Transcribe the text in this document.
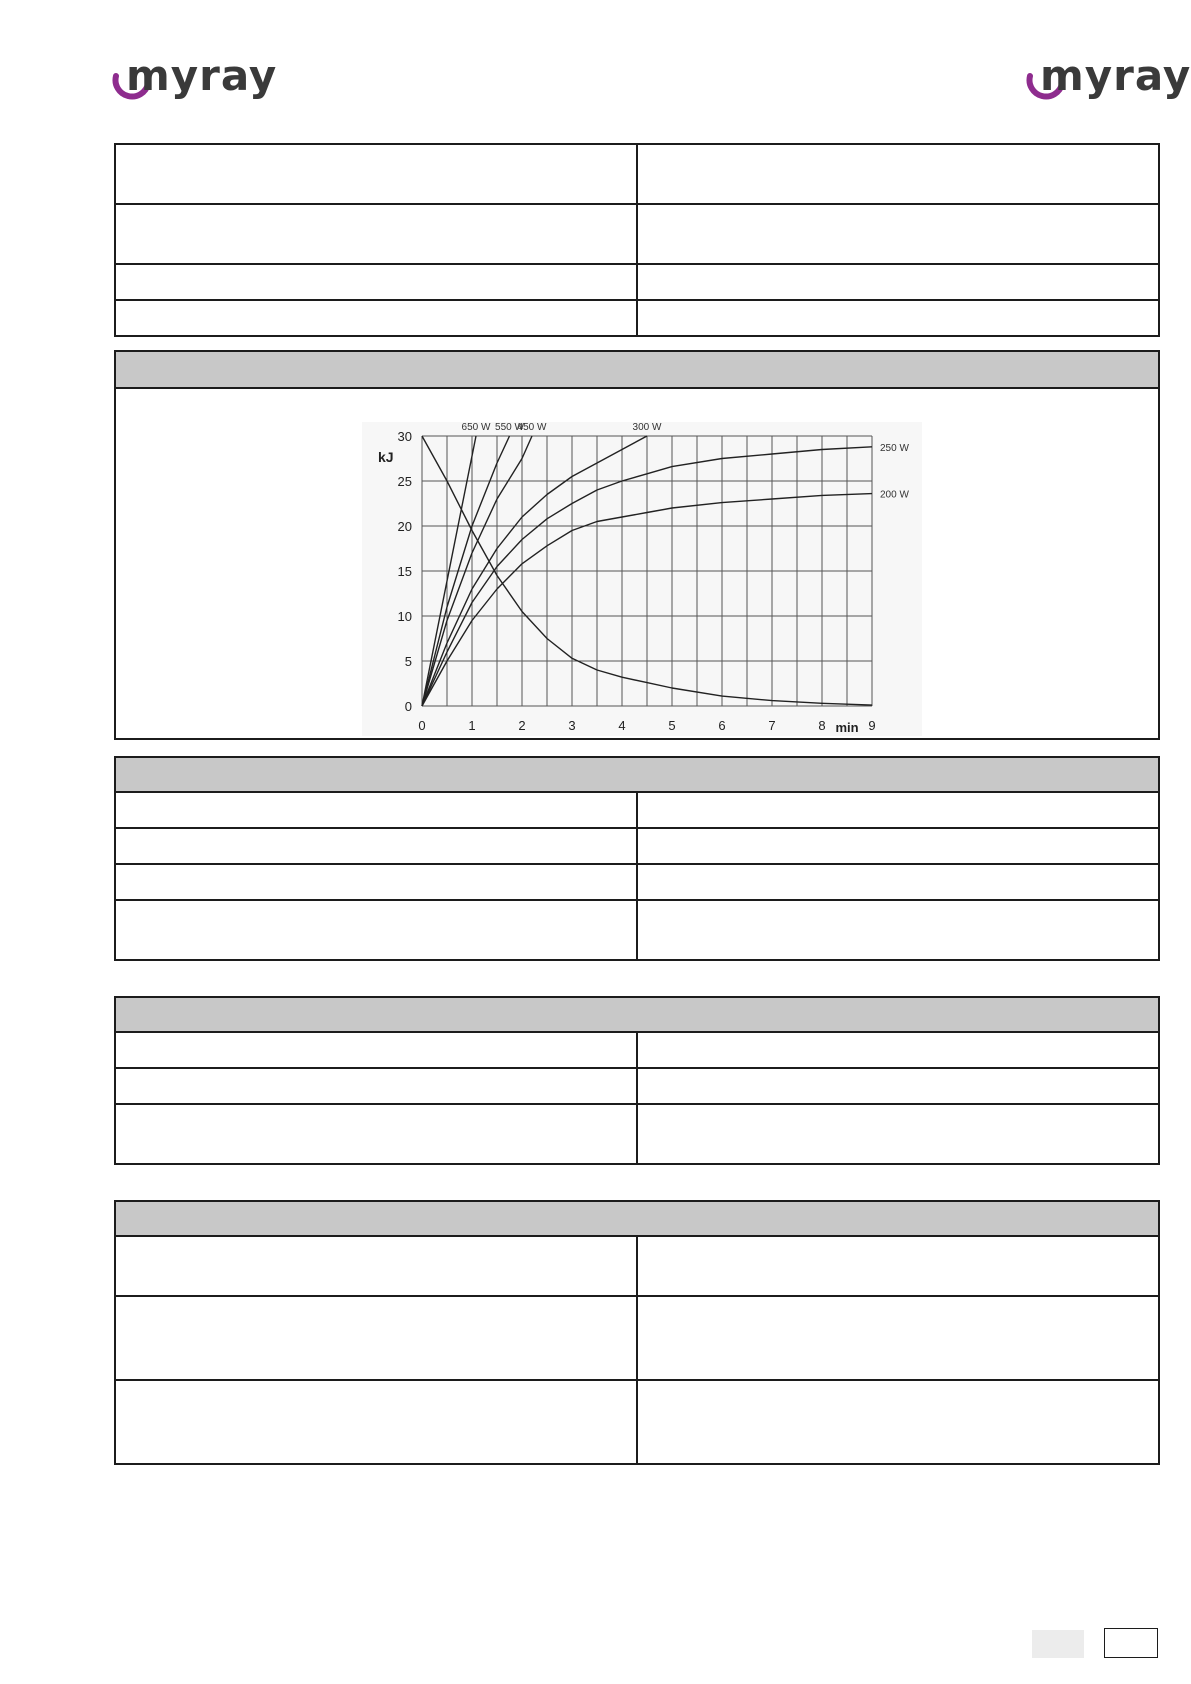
myray	myray

650 W 550 W
450 W	300 W
250 W
200 W
0	1	2	3	4	5	6	7	8	9
0
5
10
15
20
25
30
kJ
min
